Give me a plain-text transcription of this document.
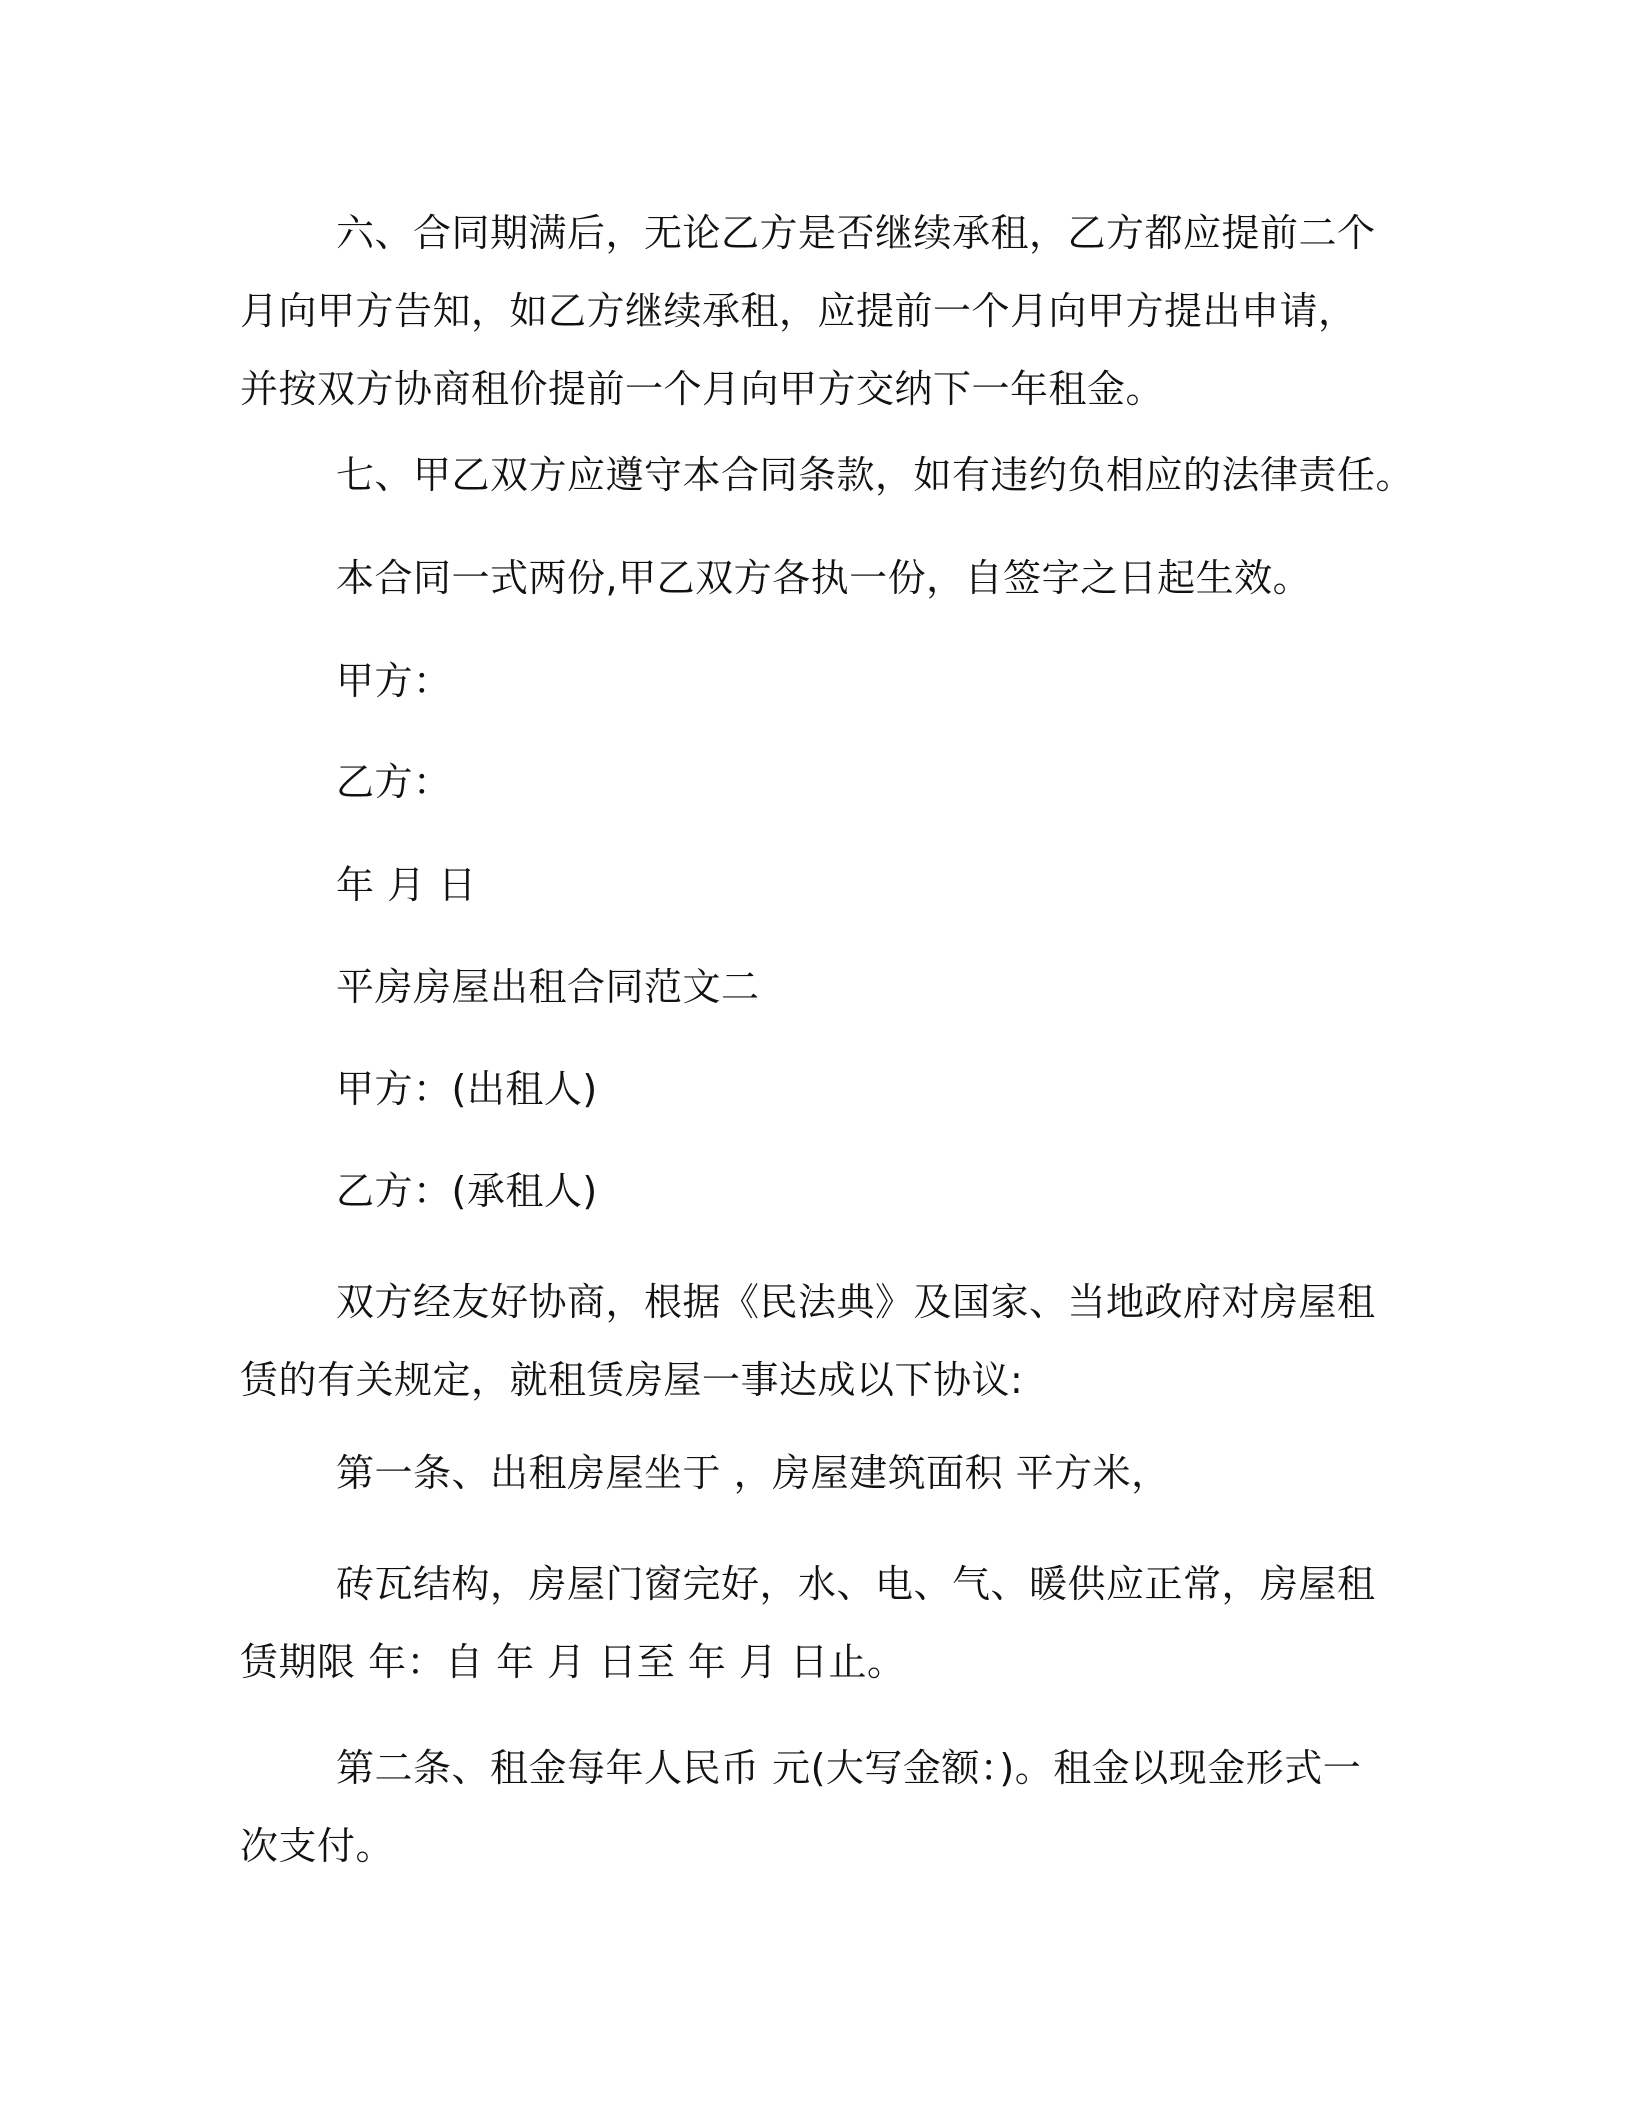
六、合同期满后，无论乙方是否继续承租，乙方都应提前二个月向甲方告知，如乙方继续承租，应提前一个月向甲方提出申请，并按双方协商租价提前一个月向甲方交纳下一年租金。

七、甲乙双方应遵守本合同条款，如有违约负相应的法律责任。

本合同一式两份,甲乙双方各执一份，自签字之日起生效。

甲方：

乙方：

年 月 日

平房房屋出租合同范文二

甲方：(出租人)

乙方：(承租人)

双方经友好协商，根据《民法典》及国家、当地政府对房屋租赁的有关规定，就租赁房屋一事达成以下协议:

第一条、出租房屋坐于 ，房屋建筑面积 平方米，

砖瓦结构，房屋门窗完好，水、电、气、暖供应正常，房屋租赁期限 年：自 年 月 日至 年 月 日止。

第二条、租金每年人民币 元(大写金额：)。租金以现金形式一次支付。
